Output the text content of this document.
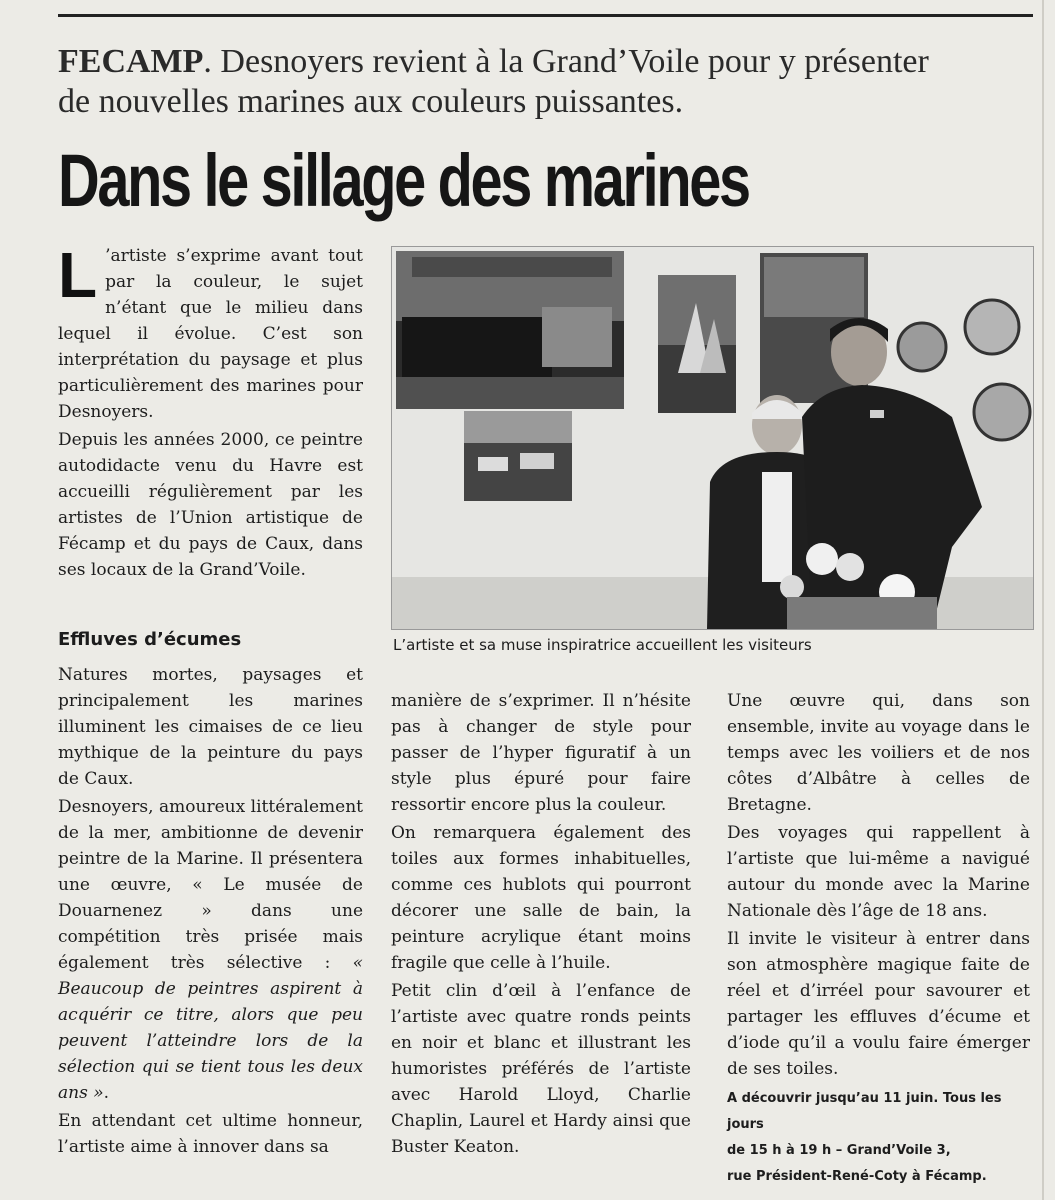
FECAMP. Desnoyers revient à la Grand’Voile pour y présenter
de nouvelles marines aux couleurs puissantes.
Dans le sillage des marines

L ’artiste s’exprime avant tout par la couleur, le sujet n’étant que le milieu dans lequel il évolue. C’est son interprétation du paysage et plus particulièrement des marines pour Desnoyers.

Depuis les années 2000, ce peintre autodidacte venu du Havre est accueilli régulièrement par les artistes de l’Union artistique de Fécamp et du pays de Caux, dans ses locaux de la Grand’Voile.

L’artiste et sa muse inspiratrice accueillent les visiteurs
Effluves d’écumes

Natures mortes, paysages et principalement les marines illuminent les cimaises de ce lieu mythique de la peinture du pays de Caux.

Desnoyers, amoureux littéralement de la mer, ambitionne de devenir peintre de la Marine. Il présentera une œuvre, « Le musée de Douarnenez » dans une compétition très prisée mais également très sélective : « Beaucoup de peintres aspirent à acquérir ce titre, alors que peu peuvent l’atteindre lors de la sélection qui se tient tous les deux ans ».

En attendant cet ultime honneur, l’artiste aime à innover dans sa

manière de s’exprimer. Il n’hésite pas à changer de style pour passer de l’hyper figuratif à un style plus épuré pour faire ressortir encore plus la couleur.

On remarquera également des toiles aux formes inhabituelles, comme ces hublots qui pourront décorer une salle de bain, la peinture acrylique étant moins fragile que celle à l’huile.

Petit clin d’œil à l’enfance de l’artiste avec quatre ronds peints en noir et blanc et illustrant les humoristes préférés de l’artiste avec Harold Lloyd, Charlie Chaplin, Laurel et Hardy ainsi que Buster Keaton.

Une œuvre qui, dans son ensemble, invite au voyage dans le temps avec les voiliers et de nos côtes d’Albâtre à celles de Bretagne.

Des voyages qui rappellent à l’artiste que lui-même a navigué autour du monde avec la Marine Nationale dès l’âge de 18 ans.

Il invite le visiteur à entrer dans son atmosphère magique faite de réel et d’irréel pour savourer et partager les effluves d’écume et d’iode qu’il a voulu faire émerger de ses toiles.

A découvrir jusqu’au 11 juin. Tous les jours
de 15 h à 19 h – Grand’Voile 3,
rue Président-René-Coty à Fécamp.
